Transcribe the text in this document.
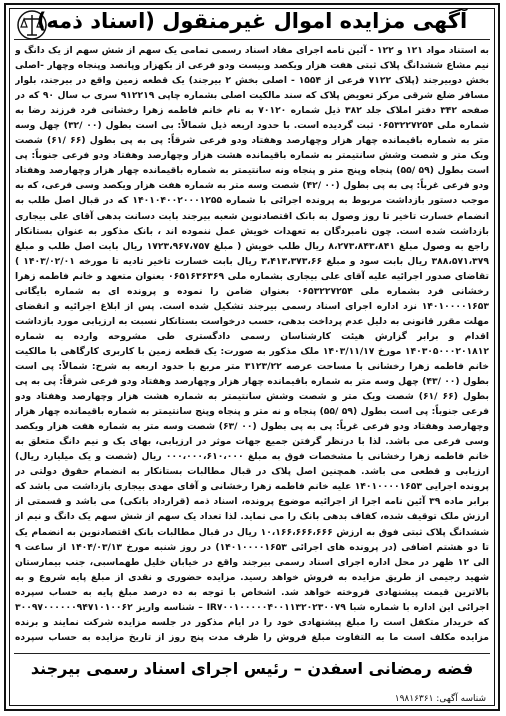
آگهی مزایده اموال غیرمنقول (اسناد ذمه)
به استناد مواد ۱۲۱ و ۱۲۲ - آئین نامه اجرای مفاد اسناد رسمی تمامی یک سهم از شش سهم از یک دانگ و نیم مشاع ششدانگ پلاک ثبتی هفت هزار ویکصد وبیست ودو فرعی از یکهزار وپانصد وپنجاه وچهار -اصلی بخش دوبیرجند (پلاک ۷۱۲۲ فرعی از ۱۵۵۴ - اصلی بخش ۲ بیرجند) یک قطعه زمین واقع در بیرجند، بلوار مسافر ضلع شرقی مرکز تعویض پلاک که سند مالکیت اصلی بشماره چاپی ۹۱۲۲۱۹ سری ب سال ۹۰ که در صفحه ۳۴۲ دفتر املاک جلد ۳۸۲ ذیل شماره ۷۰۱۲۰ به نام خانم فاطمه زهرا رخشانی فرد فرزند رضا به شماره ملی ۰۶۵۳۲۲۷۲۵۴ ثبت گردیده است. با حدود اربعه ذیل شمالاً: بی است بطول (۰۰ /۳۲) چهل وسه متر به شماره باقیمانده چهار هزار وچهارصد وهفتاد ودو فرعی شرقاً: پی به پی بطول (۶۶ /۶۱) شصت ویک متر و شصت وشش سانتیمتر به شماره باقیمانده هشت هزار وچهارصد وهفتاد ودو فرعی جنوباً: پی است بطول (۵۹ /۵۵) پنجاه وپنج متر و پنجاه ونه سانتیمتر به شماره باقیمانده چهار هزار وچهارصد وهفتاد ودو فرعی غرباً: پی به پی بطول (۰۰ /۴۲) شصت وسه متر به شماره هفت هزار ویکصد وسی فرعی، که به موجب دستور بازداشت مربوط به پرونده اجرائی با شماره ۱۴۰۱۰۴۰۰۲۰۰۰۱۲۵۵ که در قبال اصل طلب به انضمام خسارت تاخیر تا روز وصول به بانک اقتصادنوین شعبه بیرجند بابت دسانت بدهی آقای علی بیجاری بازداشت شده است. چون نامبردگان به تعهدات خویش عمل ننموده اند ، بانک مذکور به عنوان بستانکار راجع به وصول مبلغ ۸،۲۷۳،۸۴۳،۸۴۱ ریال طلب خویش ( مبلغ ۱۷۲۳،۹۶۷،۷۵۷ ریال بابت اصل طلب و مبلغ ۳۸۸،۵۷۱،۳۷۹ ریال بابت سود و مبلغ ۳،۴۱۳،۳۷۳،۶۶ ریال بابت خسارت تاخیر تادیه تا مورخه ۱۴۰۳/۰۲/۰۱ ) تقاضای صدور اجرائیه علیه آقای علی بیجاری بشماره ملی ۰۶۵۱۶۳۶۳۶۹ بعنوان متعهد و خانم فاطمه زهرا رخشانی فرد بشماره ملی ۰۶۵۳۲۲۷۲۵۴ بعنوان ضامن را نموده و پرونده ای به شماره بایگانی ۱۴۰۱۰۰۰۰۱۶۵۳ نزد اداره اجرای اسناد رسمی بیرجند تشکیل شده است. پس از ابلاغ اجرائیه و انقضای مهلت مقرر قانونی به دلیل عدم پرداخت بدهی، حسب درخواست بستانکار نسبت به ارزیابی مورد بازداشت اقدام و برابر گزارش هیئت کارشناسان رسمی دادگستری طی مشروحه وارده به شماره ۱۴۰۳۰۵۰۰۰۲۰۱۸۱۲ مورخ ۱۴۰۳/۱۱/۱۷ ملک مذکور به صورت: یک قطعه زمین با کاربری کارگاهی با مالکیت خانم فاطمه زهرا رخشانی با مساحت عرصه ۳۱۲۳/۲۲ متر مربع با حدود اربعه به شرح: شمالاً: پی است بطول (۰۰ /۴۳) چهل وسه متر به شماره باقیمانده چهار هزار وچهارصد وهفتاد ودو فرعی شرقاً: پی به پی بطول (۶۶ /۶۱) شصت ویک متر و شصت وشش سانتیمتر به شماره هشت هزار وچهارصد وهفتاد ودو فرعی جنوباً: پی است بطول (۵۹ /۵۵) پنجاه و نه متر و پنجاه وپنج سانتیمتر به شماره باقیمانده چهار هزار وچهارصد وهفتاد ودو فرعی غرباً: پی به پی بطول (۰۰ /۶۳) شصت وسه متر به شماره هفت هزار ویکصد وسی فرعی می باشد. لذا با درنظر گرفتن جمیع جهات موثر در ارزیابی، بهای یک و نیم دانگ متعلق به خانم فاطمه زهرا رخشانی با مشخصات فوق به مبلغ ۰۰۰،۰۰۰،۶۱۰،۰۰۰ ریال (شصت و یک میلیارد ریال) ارزیابی و قطعی می باشد. همچنین اصل پلاک در قبال مطالبات بستانکار به انضمام حقوق دولتی در پرونده اجرایی ۱۴۰۱۰۰۰۰۱۶۵۳ علیه خانم فاطمه زهرا رخشانی و آقای مهدی بیجاری بازداشت می باشد که برابر ماده ۳۹ آئین نامه اجرا از اجرائیه موضوع پرونده، اسناد ذمه (قرارداد بانکی) می باشد و قسمتی از ارزش ملک توقیف شده، کفاف بدهی بانک را می نماید. لذا تعداد یک سهم از شش سهم یک دانگ و نیم از ششدانگ پلاک ثبتی فوق به ارزش ۱۰،۱۶۶،۶۶۶،۶۶۶ ریال در قبال مطالبات بانک اقتصادنوین به انضمام یک تا دو هشتم اضافی (در پرونده های اجرائی ۱۴۰۱۰۰۰۰۱۶۵۳) در روز شنبه مورخ ۱۴۰۴/۰۳/۱۳ از ساعت ۹ الی ۱۲ ظهر در محل اداره اجرای اسناد رسمی بیرجند واقع در خیابان خلیل طهماسبی، جنب بیمارستان شهید رجیمی از طریق مزایده به فروش خواهد رسید. مزایده حضوری و نقدی از مبلغ پایه شروع و به بالاترین قیمت پیشنهادی فروخته خواهد شد. اشخاص با توجه به ده درصد مبلغ پایه به حساب سپرده اجرائی این اداره با شماره شبا IR۷۰۰۱۰۰۰۰۰۴۰۰۱۱۳۲۰۲۳۰۰۷۹ – شناسه واریز ۳۰۰۹۷۰۰۰۰۰۰۹۴۷۱۰۱۰۰۶۲ که خریدار متکفل است را مبلغ پیشنهادی خود را در ایام مذکور در جلسه مزایده شرکت نمایند و برنده مزایده مکلف است ما به التفاوت مبلغ فروش را ظرف مدت پنج روز از تاریخ مزایده به حساب سپرده
فضه رمضانی اسفدن – رئیس اجرای اسناد رسمی بیرجند
شناسه آگهی: ۱۹۸۱۶۳۶۱
